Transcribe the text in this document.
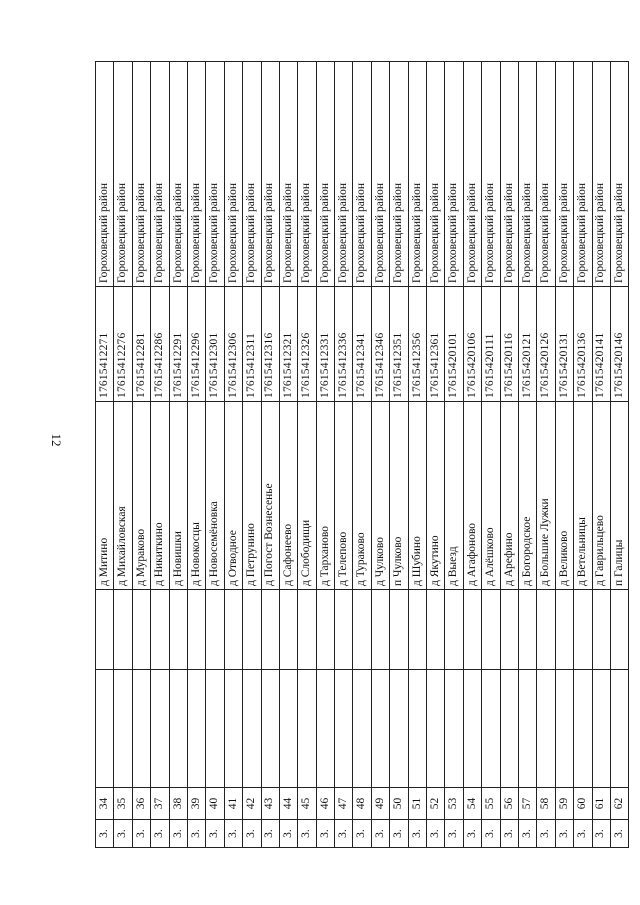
12
3.	34			д Митино	17615412271	Гороховецкий район
3.	35			д Михайловская	17615412276	Гороховецкий район
3.	36			д Мураково	17615412281	Гороховецкий район
3.	37			д Никиткино	17615412286	Гороховецкий район
3.	38			д Новишки	17615412291	Гороховецкий район
3.	39			д Новокосцы	17615412296	Гороховецкий район
3.	40			д Новосемёновка	17615412301	Гороховецкий район
3.	41			д Отводное	17615412306	Гороховецкий район
3.	42			д Петрунино	17615412311	Гороховецкий район
3.	43			д Погост Вознесенье	17615412316	Гороховецкий район
3.	44			д Сафонеево	17615412321	Гороховецкий район
3.	45			д Слободищи	17615412326	Гороховецкий район
3.	46			д Тарханово	17615412331	Гороховецкий район
3.	47			д Телепово	17615412336	Гороховецкий район
3.	48			д Тураково	17615412341	Гороховецкий район
3.	49			д Чулково	17615412346	Гороховецкий район
3.	50			п Чулково	17615412351	Гороховецкий район
3.	51			д Шубино	17615412356	Гороховецкий район
3.	52			д Якутино	17615412361	Гороховецкий район
3.	53			д Выезд	17615420101	Гороховецкий район
3.	54			д Агафоново	17615420106	Гороховецкий район
3.	55			д Алёшково	17615420111	Гороховецкий район
3.	56			д Арефино	17615420116	Гороховецкий район
3.	57			д Богородское	17615420121	Гороховецкий район
3.	58			д Большие Лужки	17615420126	Гороховецкий район
3.	59			д Великово	17615420131	Гороховецкий район
3.	60			д Ветельницы	17615420136	Гороховецкий район
3.	61			д Гаврильцево	17615420141	Гороховецкий район
3.	62			п Галицы	17615420146	Гороховецкий район
